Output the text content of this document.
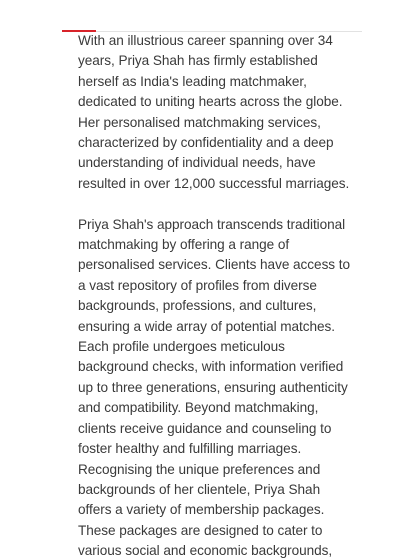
With an illustrious career spanning over 34 years, Priya Shah has firmly established herself as India's leading matchmaker, dedicated to uniting hearts across the globe. Her personalised matchmaking services, characterized by confidentiality and a deep understanding of individual needs, have resulted in over 12,000 successful marriages.

Priya Shah's approach transcends traditional matchmaking by offering a range of personalised services. Clients have access to a vast repository of profiles from diverse backgrounds, professions, and cultures, ensuring a wide array of potential matches. Each profile undergoes meticulous background checks, with information verified up to three generations, ensuring authenticity and compatibility. Beyond matchmaking, clients receive guidance and counseling to foster healthy and fulfilling marriages. Recognising the unique preferences and backgrounds of her clientele, Priya Shah offers a variety of membership packages. These packages are designed to cater to various social and economic backgrounds,
